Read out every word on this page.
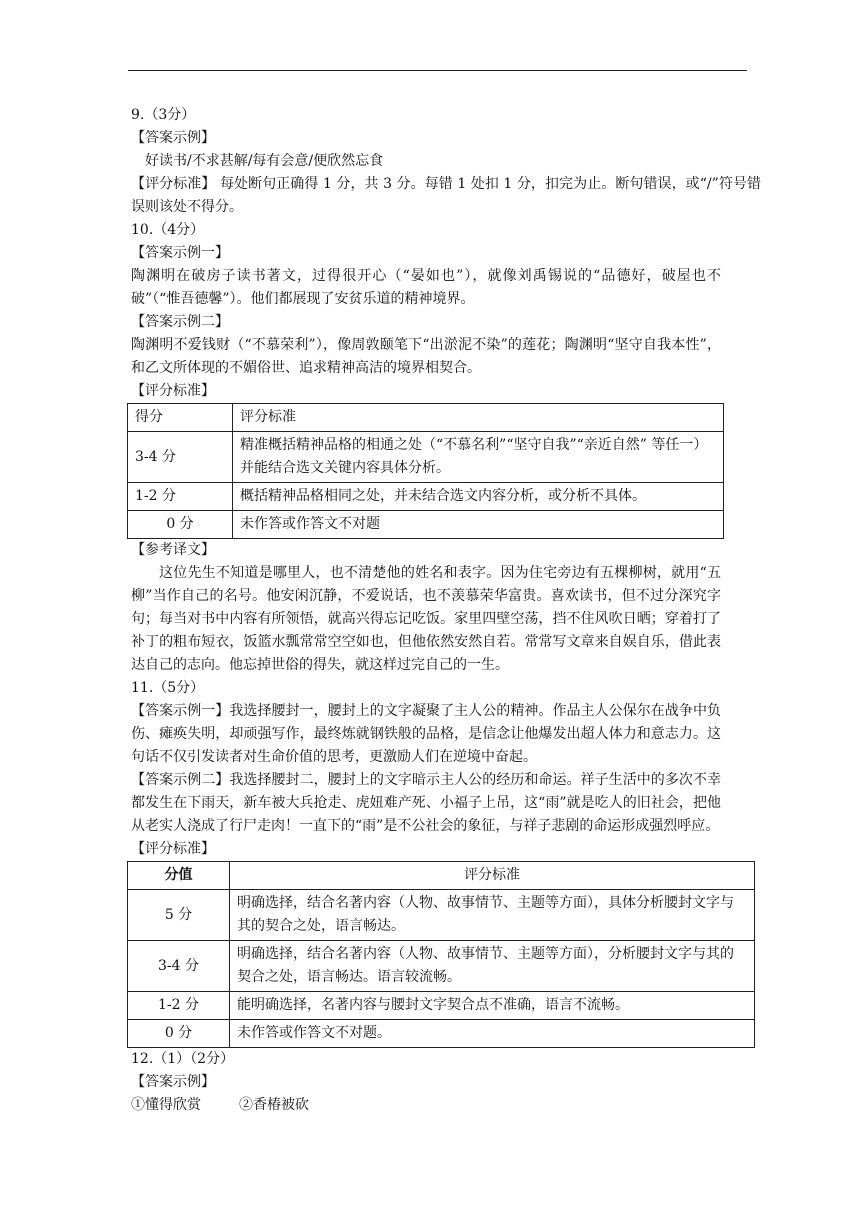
9.（3分）

【答案示例】

好读书/不求甚解/每有会意/便欣然忘食

【评分标准】 每处断句正确得 1 分，共 3 分。每错 1 处扣 1 分，扣完为止。断句错误，或“/”符号错误则该处不得分。

10.（4分）

【答案示例一】

陶渊明在破房子读书著文，过得很开心（“晏如也”），就像刘禹锡说的“品德好，破屋也不破”（“惟吾德馨”）。他们都展现了安贫乐道的精神境界。

【答案示例二】

陶渊明不爱钱财（“不慕荣利”），像周敦颐笔下“出淤泥不染”的莲花；陶渊明“坚守自我本性”，和乙文所体现的不媚俗世、追求精神高洁的境界相契合。

【评分标准】

得分	评分标准
3-4 分	精准概括精神品格的相通之处（“不慕名利”“坚守自我”“亲近自然” 等任一）并能结合选文关键内容具体分析。
1-2 分	概括精神品格相同之处，并未结合选文内容分析，或分析不具体。
0 分	未作答或作答文不对题

【参考译文】

这位先生不知道是哪里人，也不清楚他的姓名和表字。因为住宅旁边有五棵柳树，就用“五柳”当作自己的名号。他安闲沉静，不爱说话，也不羡慕荣华富贵。喜欢读书，但不过分深究字句；每当对书中内容有所领悟，就高兴得忘记吃饭。家里四壁空荡，挡不住风吹日晒；穿着打了补丁的粗布短衣，饭篮水瓢常常空空如也，但他依然安然自若。常常写文章来自娱自乐，借此表达自己的志向。他忘掉世俗的得失，就这样过完自己的一生。

11.（5分）

【答案示例一】我选择腰封一，腰封上的文字凝聚了主人公的精神。作品主人公保尔在战争中负伤、瘫痪失明，却顽强写作，最终炼就钢铁般的品格，是信念让他爆发出超人体力和意志力。这句话不仅引发读者对生命价值的思考，更激励人们在逆境中奋起。

【答案示例二】我选择腰封二，腰封上的文字暗示主人公的经历和命运。祥子生活中的多次不幸都发生在下雨天，新车被大兵抢走、虎妞难产死、小福子上吊，这“雨”就是吃人的旧社会，把他从老实人浇成了行尸走肉！一直下的“雨”是不公社会的象征，与祥子悲剧的命运形成强烈呼应。

【评分标准】

分值	评分标准
5 分	明确选择，结合名著内容（人物、故事情节、主题等方面），具体分析腰封文字与其的契合之处，语言畅达。
3-4 分	明确选择，结合名著内容（人物、故事情节、主题等方面），分析腰封文字与其的契合之处，语言畅达。语言较流畅。
1-2 分	能明确选择，名著内容与腰封文字契合点不准确，语言不流畅。
0 分	未作答或作答文不对题。

12.（1）（2分）

【答案示例】

①懂得欣赏	②香椿被砍
